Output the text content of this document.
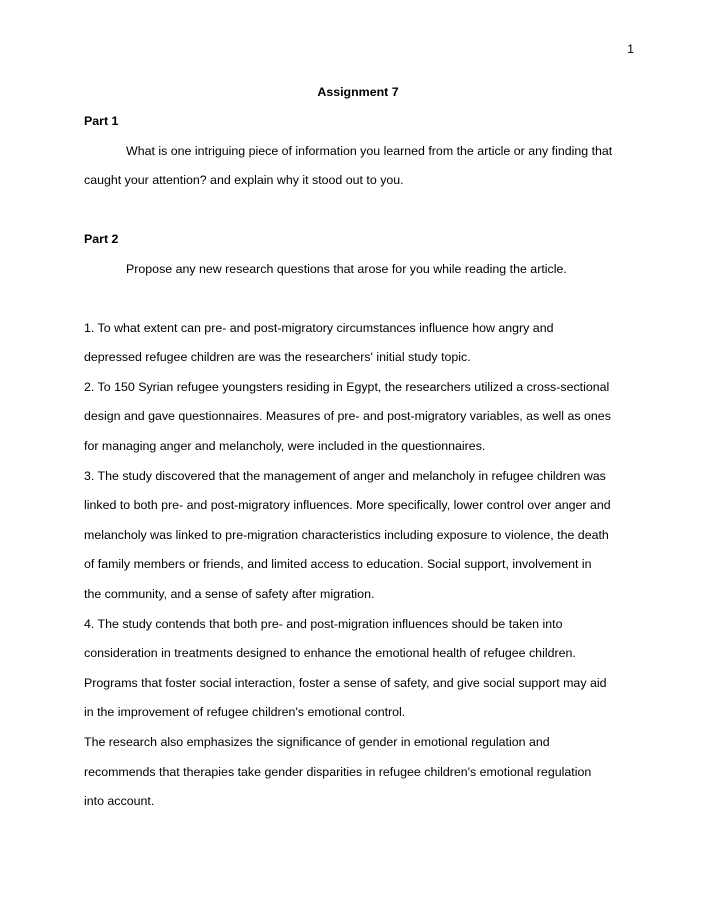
1
Assignment 7
Part 1
What is one intriguing piece of information you learned from the article or any finding that
caught your attention? and explain why it stood out to you.
Part 2
Propose any new research questions that arose for you while reading the article.
1. To what extent can pre- and post-migratory circumstances influence how angry and
depressed refugee children are was the researchers' initial study topic.
2. To 150 Syrian refugee youngsters residing in Egypt, the researchers utilized a cross-sectional
design and gave questionnaires. Measures of pre- and post-migratory variables, as well as ones
for managing anger and melancholy, were included in the questionnaires.
3. The study discovered that the management of anger and melancholy in refugee children was
linked to both pre- and post-migratory influences. More specifically, lower control over anger and
melancholy was linked to pre-migration characteristics including exposure to violence, the death
of family members or friends, and limited access to education. Social support, involvement in
the community, and a sense of safety after migration.
4. The study contends that both pre- and post-migration influences should be taken into
consideration in treatments designed to enhance the emotional health of refugee children.
Programs that foster social interaction, foster a sense of safety, and give social support may aid
in the improvement of refugee children's emotional control.
The research also emphasizes the significance of gender in emotional regulation and
recommends that therapies take gender disparities in refugee children's emotional regulation
into account.
